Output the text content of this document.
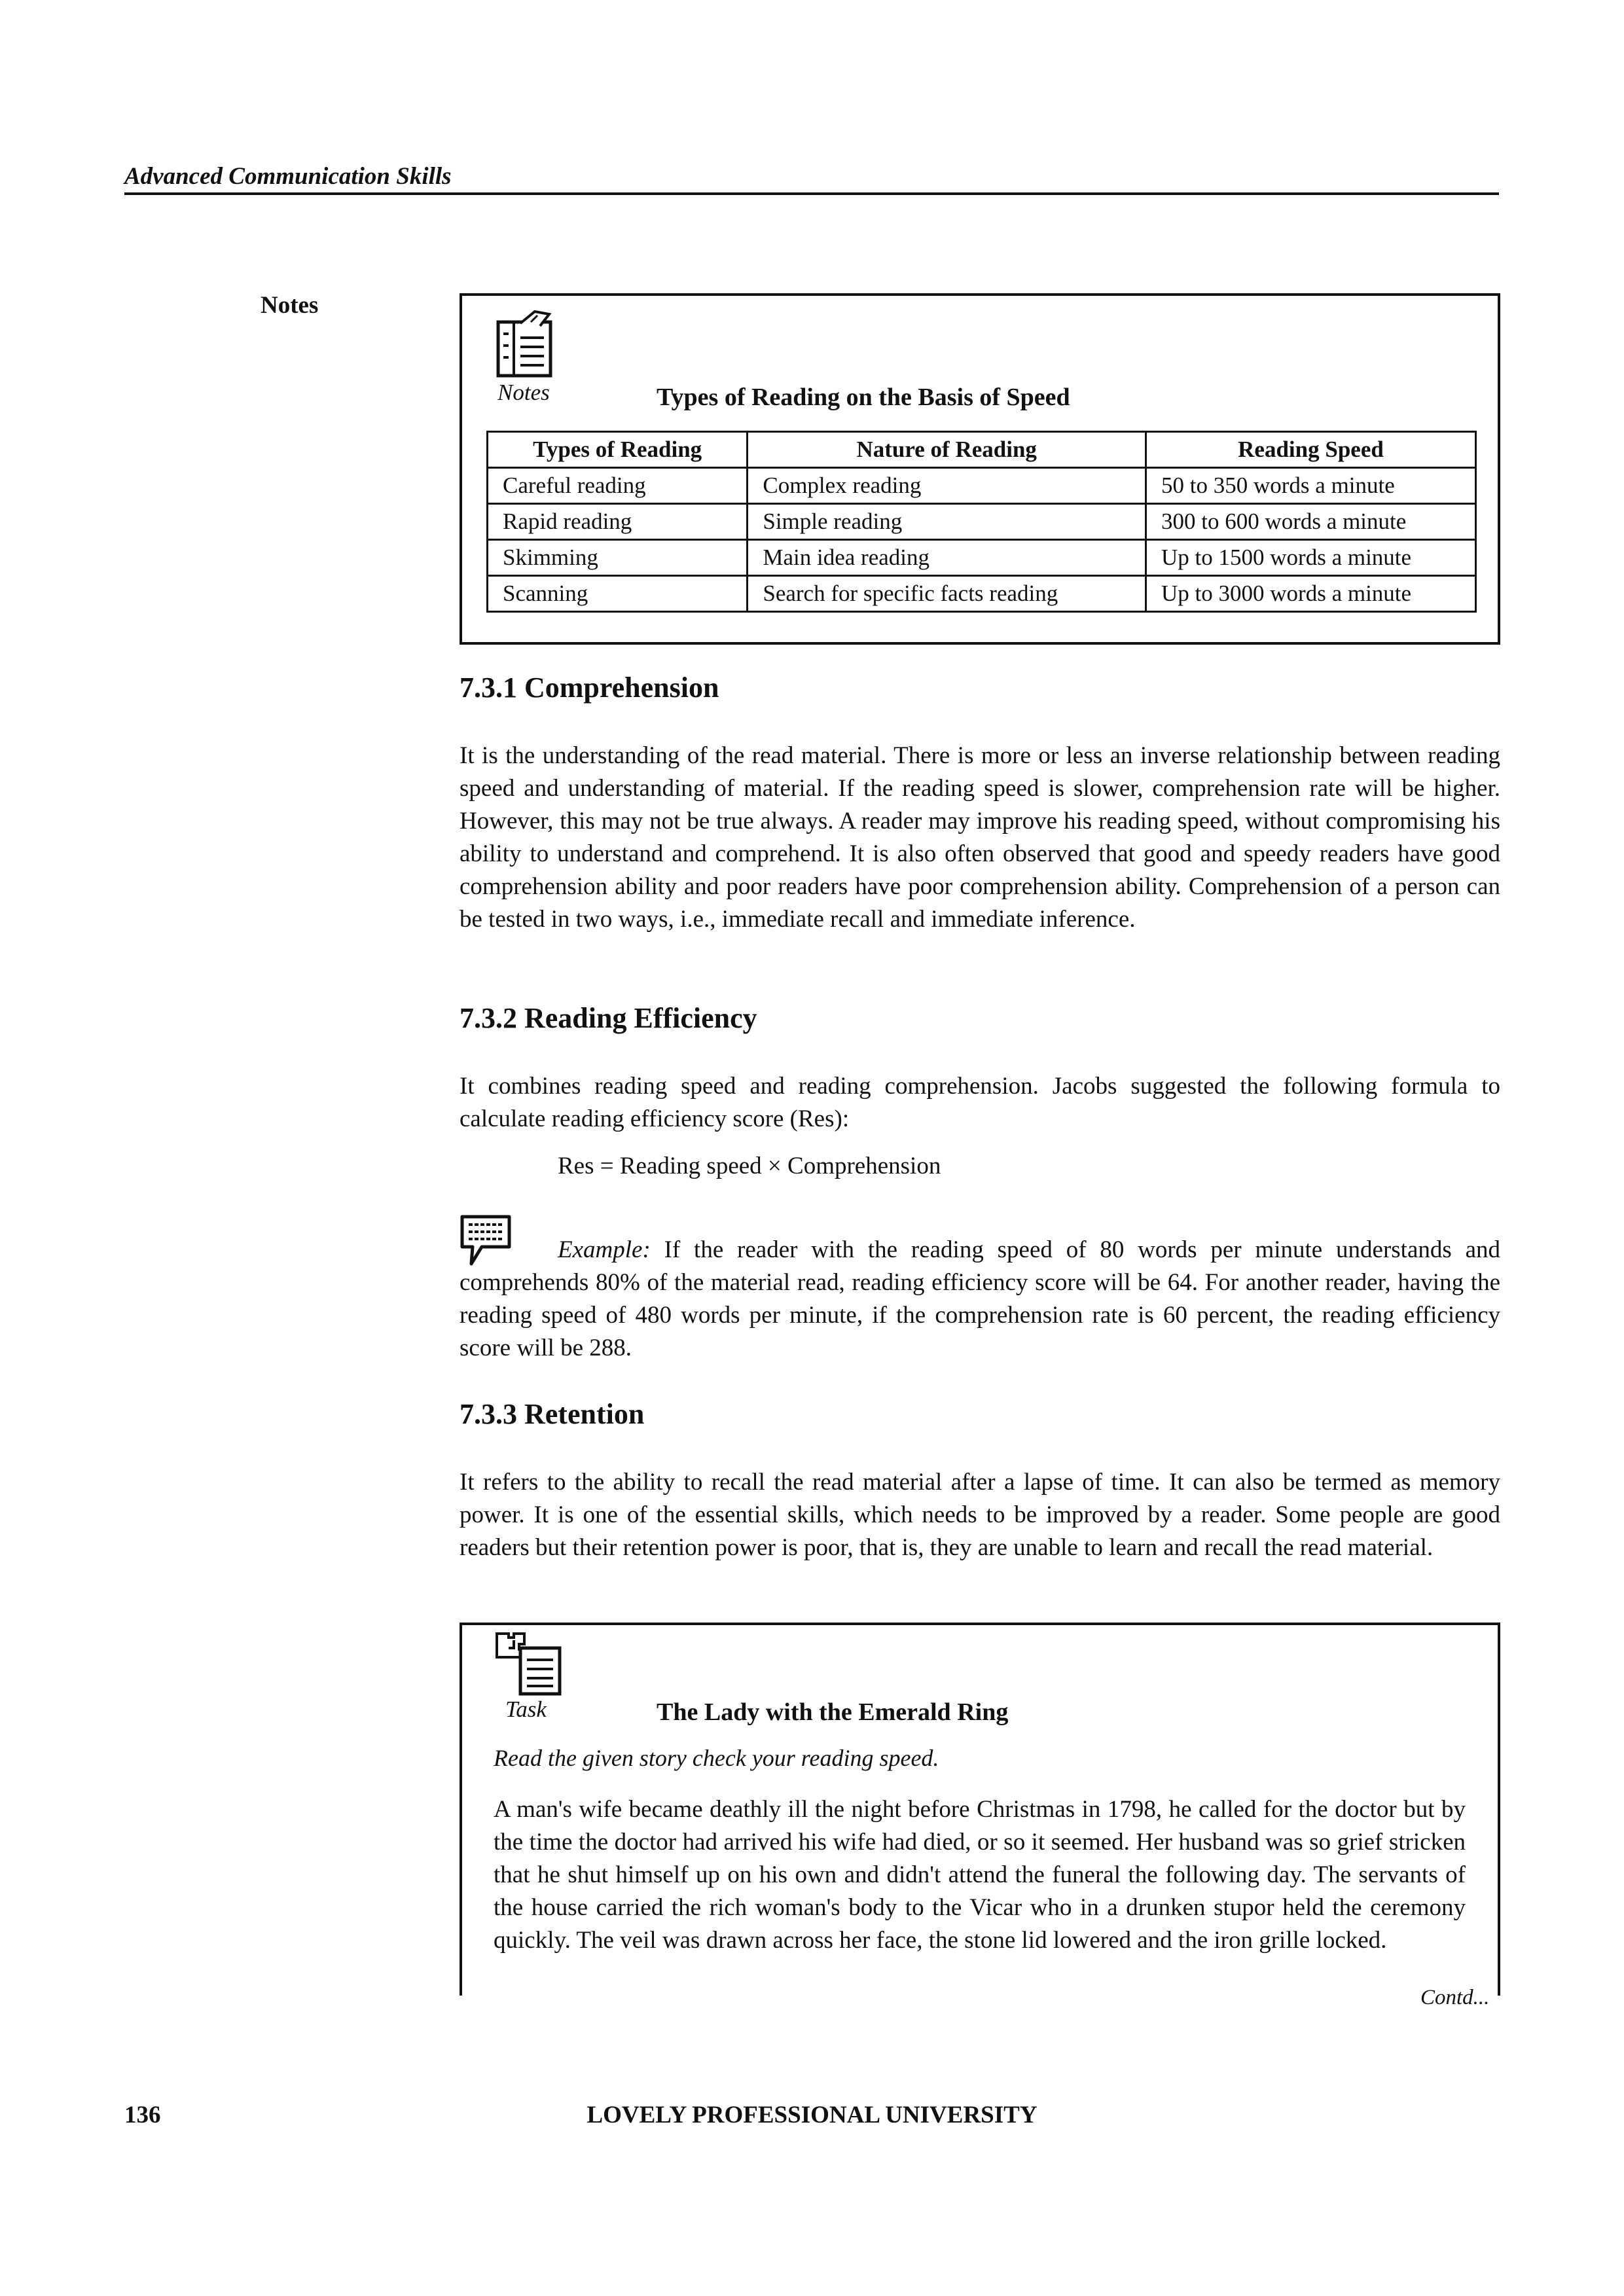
Advanced Communication Skills
Notes
Notes	Types of Reading on the Basis of Speed
Types of Reading	Nature of Reading	Reading Speed
Careful reading	Complex reading	50 to 350 words a minute
Rapid reading	Simple reading	300 to 600 words a minute
Skimming	Main idea reading	Up to 1500 words a minute
Scanning	Search for specific facts reading	Up to 3000 words a minute
7.3.1 Comprehension
It is the understanding of the read material. There is more or less an inverse relationship between reading speed and understanding of material. If the reading speed is slower, comprehension rate will be higher. However, this may not be true always. A reader may improve his reading speed, without compromising his ability to understand and comprehend. It is also often observed that good and speedy readers have good comprehension ability and poor readers have poor comprehension ability. Comprehension of a person can be tested in two ways, i.e., immediate recall and immediate inference.
7.3.2 Reading Efficiency
It combines reading speed and reading comprehension. Jacobs suggested the following formula to calculate reading efficiency score (Res):
Res = Reading speed × Comprehension
Example: If the reader with the reading speed of 80 words per minute understands and comprehends 80% of the material read, reading efficiency score will be 64. For another reader, having the reading speed of 480 words per minute, if the comprehension rate is 60 percent, the reading efficiency score will be 288.
7.3.3 Retention
It refers to the ability to recall the read material after a lapse of time. It can also be termed as memory power. It is one of the essential skills, which needs to be improved by a reader. Some people are good readers but their retention power is poor, that is, they are unable to learn and recall the read material.
Task	The Lady with the Emerald Ring
Read the given story check your reading speed.
A man's wife became deathly ill the night before Christmas in 1798, he called for the doctor but by the time the doctor had arrived his wife had died, or so it seemed. Her husband was so grief stricken that he shut himself up on his own and didn't attend the funeral the following day. The servants of the house carried the rich woman's body to the Vicar who in a drunken stupor held the ceremony quickly. The veil was drawn across her face, the stone lid lowered and the iron grille locked.
Contd...
LOVELY PROFESSIONAL UNIVERSITY
136
